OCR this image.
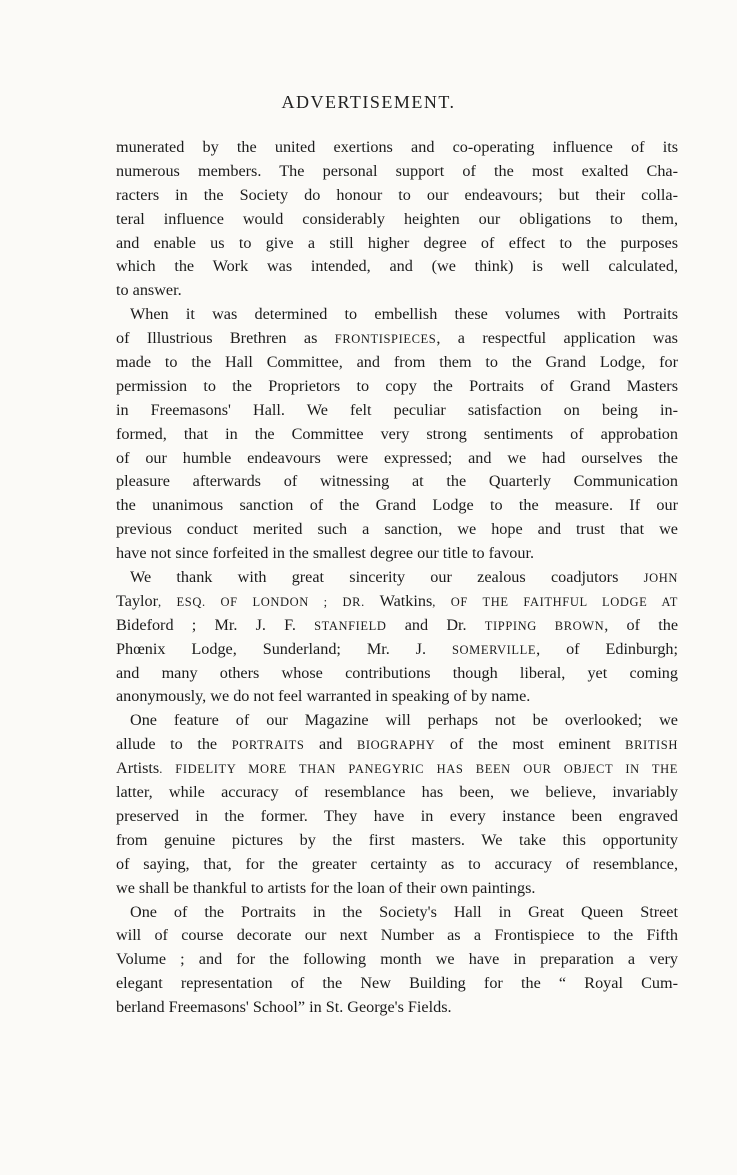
ADVERTISEMENT.
munerated by the united exertions and co-operating influence of its
numerous members. The personal support of the most exalted Cha-
racters in the Society do honour to our endeavours; but their colla-
teral influence would considerably heighten our obligations to them,
and enable us to give a still higher degree of effect to the purposes
which the Work was intended, and (we think) is well calculated,
to answer.
When it was determined to embellish these volumes with Portraits
of Illustrious Brethren as FRONTISPIECES, a respectful application was
made to the Hall Committee, and from them to the Grand Lodge, for
permission to the Proprietors to copy the Portraits of Grand Masters
in Freemasons' Hall. We felt peculiar satisfaction on being in-
formed, that in the Committee very strong sentiments of approbation
of our humble endeavours were expressed; and we had ourselves the
pleasure afterwards of witnessing at the Quarterly Communication
the unanimous sanction of the Grand Lodge to the measure. If our
previous conduct merited such a sanction, we hope and trust that we
have not since forfeited in the smallest degree our title to favour.
We thank with great sincerity our zealous coadjutors JOHN
Taylor, ESQ. OF LONDON ; DR. Watkins, OF THE FAITHFUL LODGE AT
Bideford ; Mr. J. F. STANFIELD and Dr. TIPPING BROWN, of the
Phœnix Lodge, Sunderland; Mr. J. SOMERVILLE, of Edinburgh;
and many others whose contributions though liberal, yet coming
anonymously, we do not feel warranted in speaking of by name.
One feature of our Magazine will perhaps not be overlooked; we
allude to the PORTRAITS and BIOGRAPHY of the most eminent BRITISH
Artists. FIDELITY MORE THAN PANEGYRIC HAS BEEN OUR OBJECT IN THE
latter, while accuracy of resemblance has been, we believe, invariably
preserved in the former. They have in every instance been engraved
from genuine pictures by the first masters. We take this opportunity
of saying, that, for the greater certainty as to accuracy of resemblance,
we shall be thankful to artists for the loan of their own paintings.
One of the Portraits in the Society's Hall in Great Queen Street
will of course decorate our next Number as a Frontispiece to the Fifth
Volume ; and for the following month we have in preparation a very
elegant representation of the New Building for the “ Royal Cum-
berland Freemasons' School” in St. George's Fields.
